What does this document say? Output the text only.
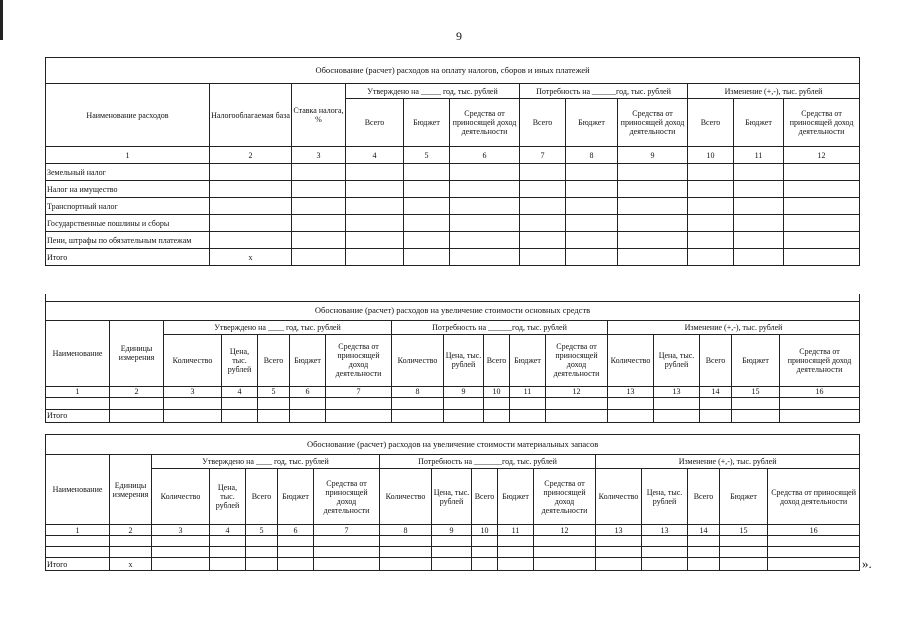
9
Обоснование (расчет) расходов на оплату налогов, сборов и иных платежей											
Наименование расходов	Налогооблагаемая база	Ставка налога, %	Утверждено на _____ год, тыс. рублей			Потребность на ______год, тыс. рублей			Изменение (+,-), тыс. рублей		
			Всего	Бюджет	Средства от приносящей доход деятельности	Всего	Бюджет	Средства от приносящей доход деятельности	Всего	Бюджет	Средства от приносящей доход деятельности
1	2	3	4	5	6	7	8	9	10	11	12
Земельный налог											
Налог на имущество											
Транспортный налог											
Государственные пошлины и сборы											
Пени, штрафы по обязательным платежам											
Итого	х										

Обоснование (расчет) расходов на увеличение стоимости основных средств																
Наименование	Единицы измерения	Утверждено на ____ год, тыс. рублей					Потребность на ______год, тыс. рублей					Изменение (+,-), тыс. рублей				
		Количество	Цена, тыс. рублей	Всего	Бюджет	Средства от приносящей доход деятельности	Количество	Цена, тыс. рублей	Всего	Бюджет	Средства от приносящей доход деятельности	Количество	Цена, тыс. рублей	Всего	Бюджет	Средства от приносящей доход деятельности
1	2	3	4	5	6	7	8	9	10	11	12	13	13	14	15	16

Итого																
Обоснование (расчет) расходов на увеличение стоимости материальных запасов																
Наименование	Единицы измерения	Утверждено на ____ год, тыс. рублей					Потребность на _______год, тыс. рублей					Изменение (+,-), тыс. рублей				
		Количество	Цена, тыс. рублей	Всего	Бюджет	Средства от приносящей доход деятельности	Количество	Цена, тыс. рублей	Всего	Бюджет	Средства от приносящей доход деятельности	Количество	Цена, тыс. рублей	Всего	Бюджет	Средства от приносящей доход деятельности
1	2	3	4	5	6	7	8	9	10	11	12	13	13	14	15	16

Итого	х																».
